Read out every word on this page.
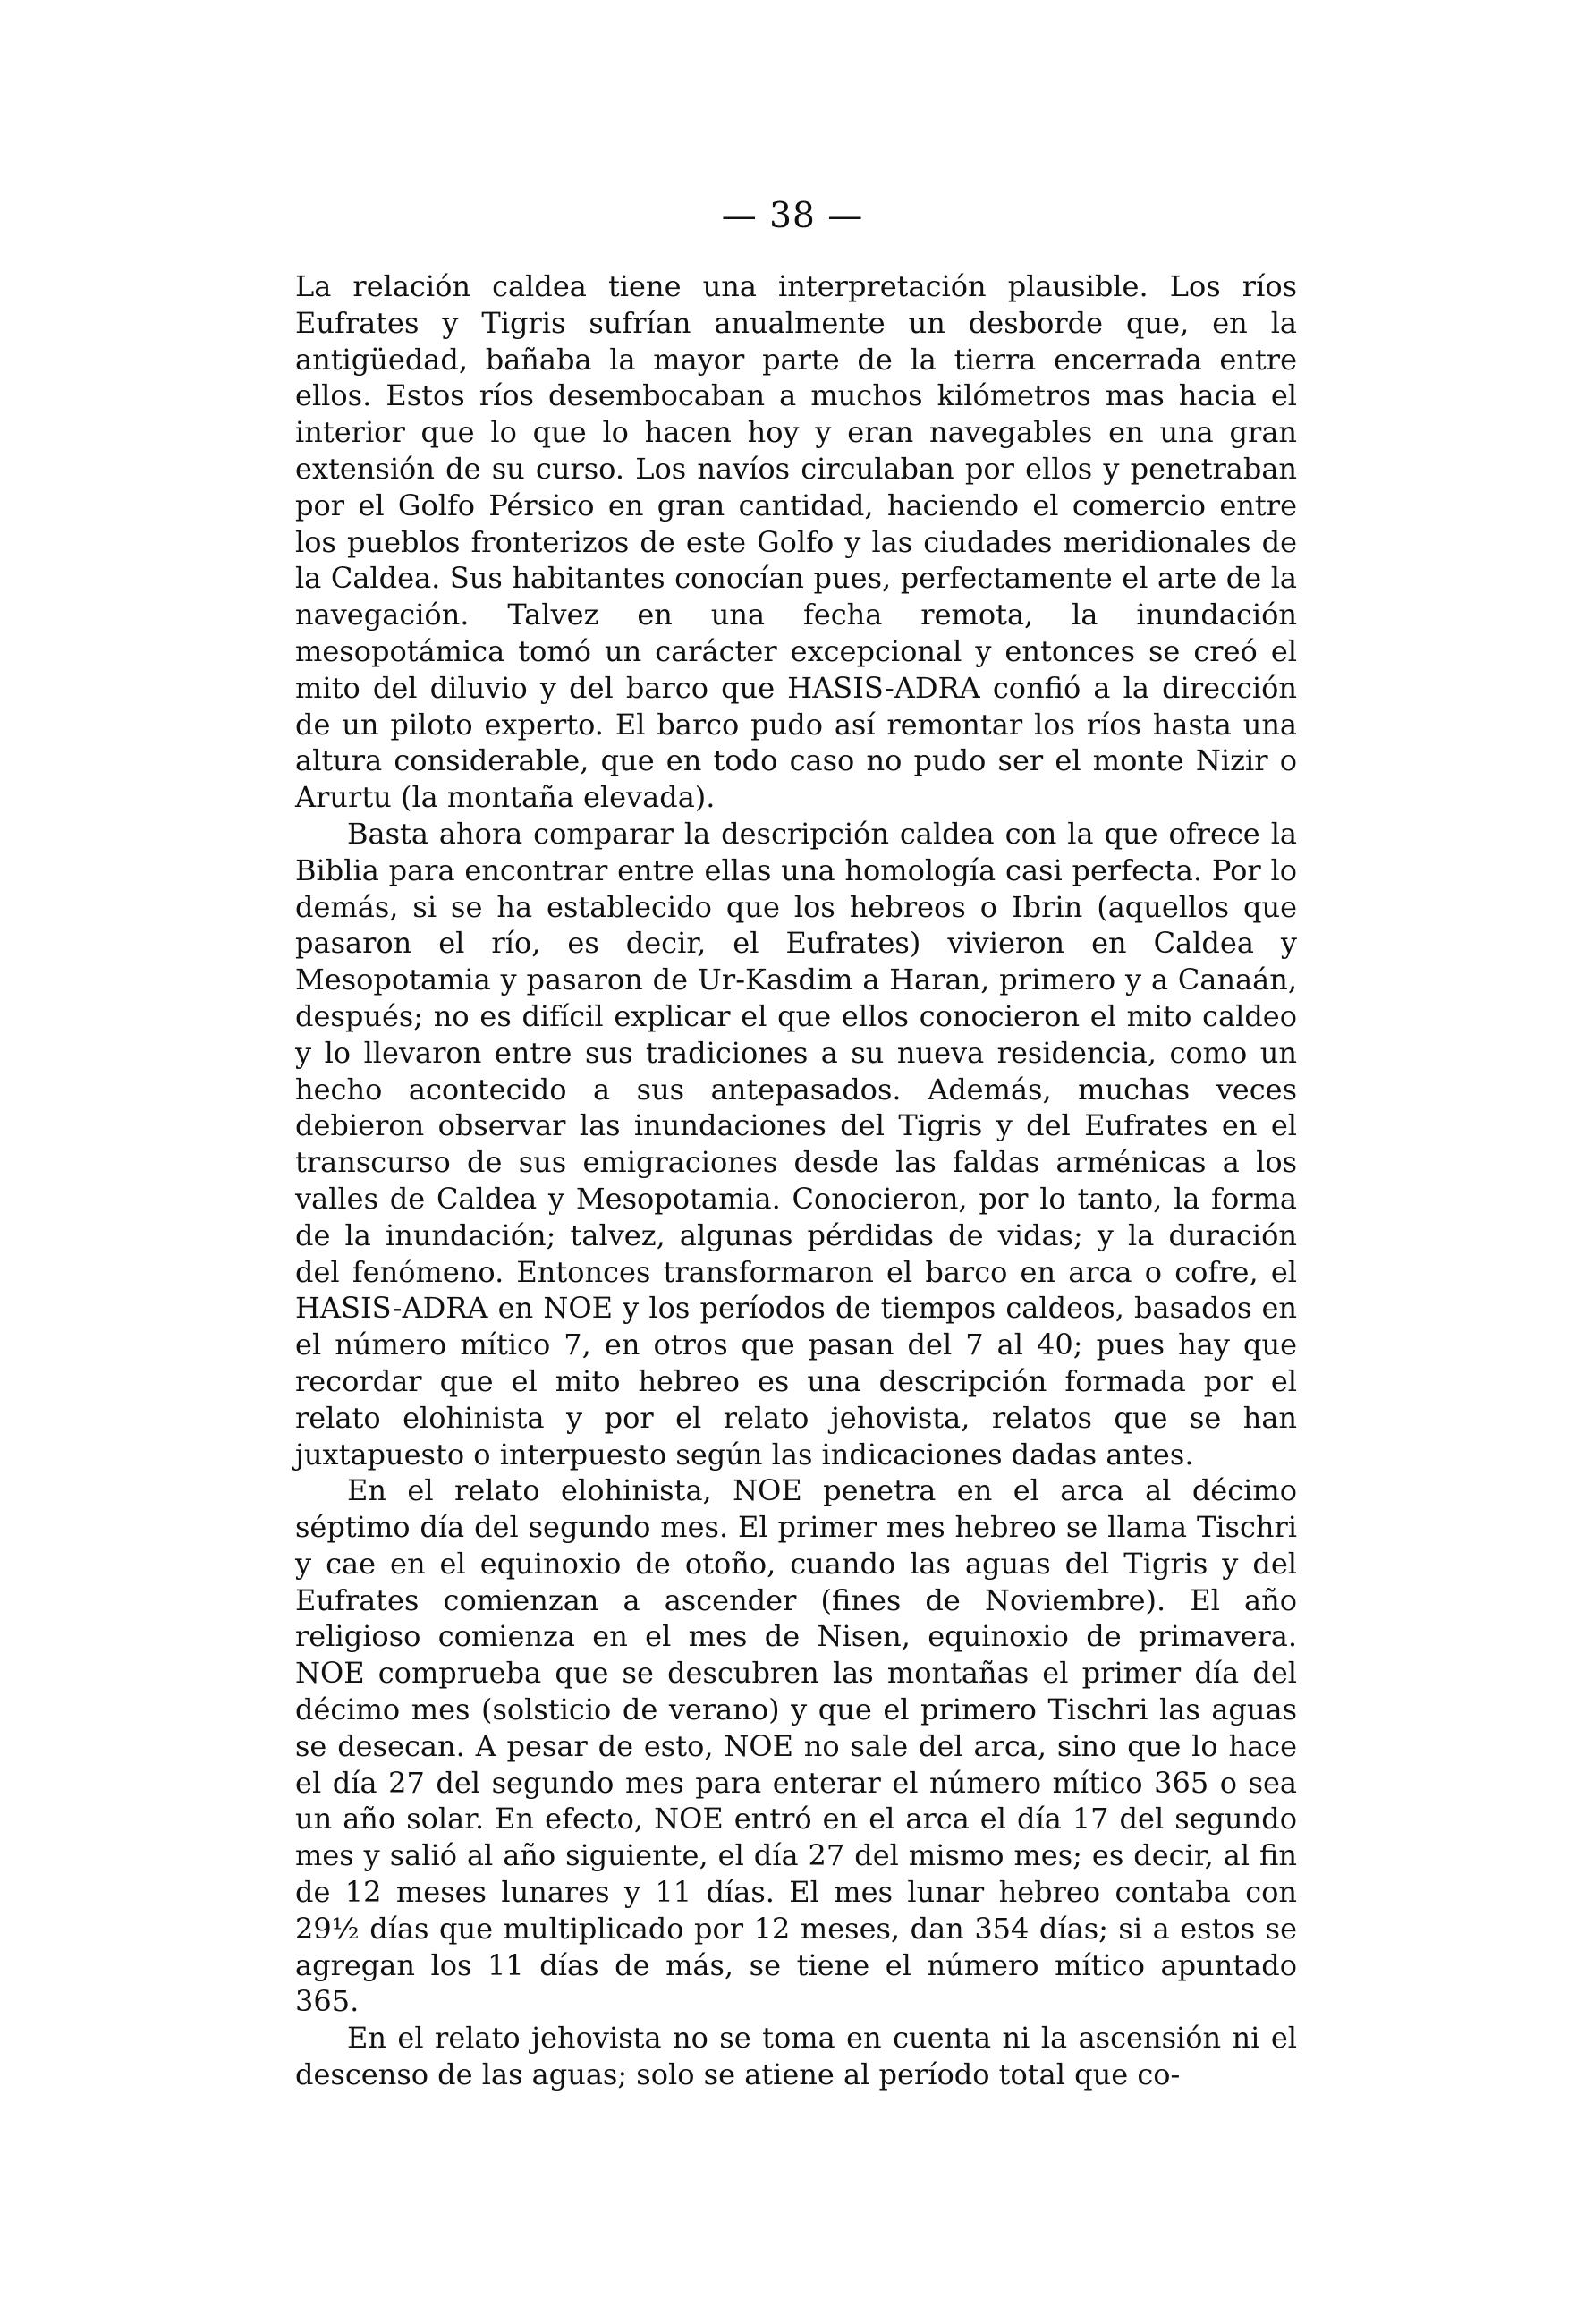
— 38 —

La relación caldea tiene una interpretación plausible. Los ríos Eufrates y Tigris sufrían anualmente un desborde que, en la antigüedad, bañaba la mayor parte de la tierra encerrada entre ellos. Estos ríos desembocaban a muchos kilómetros mas hacia el interior que lo que lo hacen hoy y eran navegables en una gran extensión de su curso. Los navíos circulaban por ellos y penetraban por el Golfo Pérsico en gran cantidad, haciendo el comercio entre los pueblos fronterizos de este Golfo y las ciudades meridionales de la Caldea. Sus habitantes conocían pues, perfectamente el arte de la navegación. Talvez en una fecha remota, la inundación mesopotámica tomó un carácter excepcional y entonces se creó el mito del diluvio y del barco que HASIS-ADRA confió a la dirección de un piloto experto. El barco pudo así remontar los ríos hasta una altura considerable, que en todo caso no pudo ser el monte Nizir o Arurtu (la montaña elevada).

Basta ahora comparar la descripción caldea con la que ofrece la Biblia para encontrar entre ellas una homología casi perfecta. Por lo demás, si se ha establecido que los hebreos o Ibrin (aquellos que pasaron el río, es decir, el Eufrates) vivieron en Caldea y Mesopotamia y pasaron de Ur-Kasdim a Haran, primero y a Canaán, después; no es difícil explicar el que ellos conocieron el mito caldeo y lo llevaron entre sus tradiciones a su nueva residencia, como un hecho acontecido a sus antepasados. Además, muchas veces debieron observar las inundaciones del Tigris y del Eufrates en el transcurso de sus emigraciones desde las faldas arménicas a los valles de Caldea y Mesopotamia. Conocieron, por lo tanto, la forma de la inundación; talvez, algunas pérdidas de vidas; y la duración del fenómeno. Entonces transformaron el barco en arca o cofre, el HASIS-ADRA en NOE y los períodos de tiempos caldeos, basados en el número mítico 7, en otros que pasan del 7 al 40; pues hay que recordar que el mito hebreo es una descripción formada por el relato elohinista y por el relato jehovista, relatos que se han juxtapuesto o interpuesto según las indicaciones dadas antes.

En el relato elohinista, NOE penetra en el arca al décimo séptimo día del segundo mes. El primer mes hebreo se llama Tischri y cae en el equinoxio de otoño, cuando las aguas del Tigris y del Eufrates comienzan a ascender (fines de Noviembre). El año religioso comienza en el mes de Nisen, equinoxio de primavera. NOE comprueba que se descubren las montañas el primer día del décimo mes (solsticio de verano) y que el primero Tischri las aguas se desecan. A pesar de esto, NOE no sale del arca, sino que lo hace el día 27 del segundo mes para enterar el número mítico 365 o sea un año solar. En efecto, NOE entró en el arca el día 17 del segundo mes y salió al año siguiente, el día 27 del mismo mes; es decir, al fin de 12 meses lunares y 11 días. El mes lunar hebreo contaba con 29½ días que multiplicado por 12 meses, dan 354 días; si a estos se agregan los 11 días de más, se tiene el número mítico apuntado 365.

En el relato jehovista no se toma en cuenta ni la ascensión ni el descenso de las aguas; solo se atiene al período total que co-
